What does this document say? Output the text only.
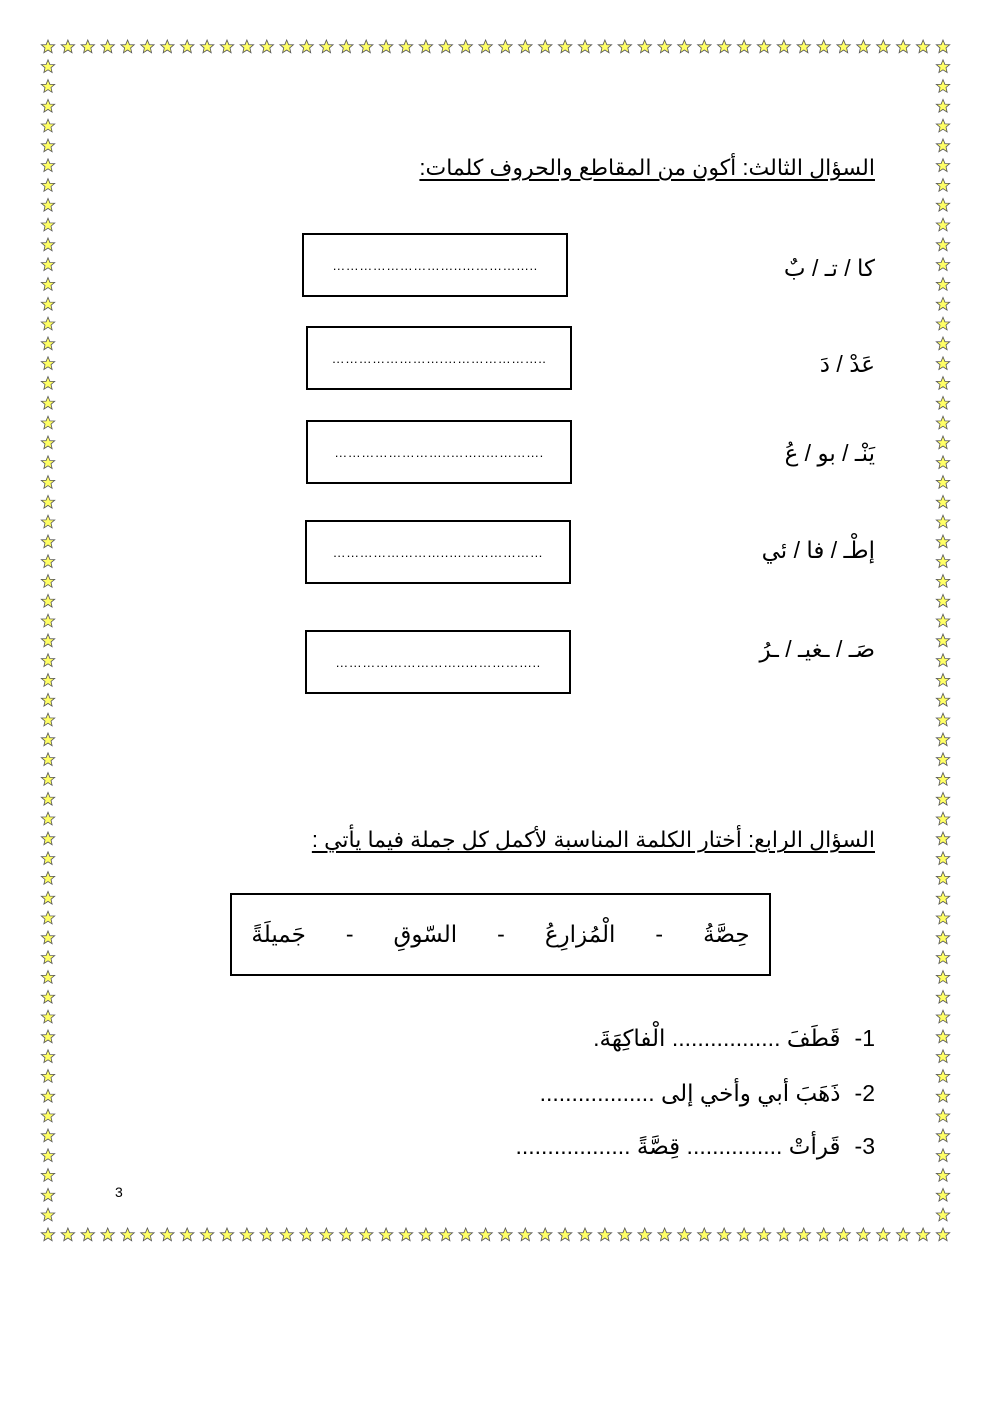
السؤال الثالث: أكون من المقاطع والحروف كلمات:
كا / تـ / بٌ
………………………..……………..
عَدْ / دَ
…………………….…………………..
يَنْـ / بو / عُ
……………………..……..………….
إطْـ / فا / ئي
……………………..…………………
صَـ / ـغيـ / ـرُ
………………………..……………..
السؤال الرابع: أختار الكلمة المناسبة لأكمل كل جملة فيما يأتي :
حِصَّةُ
-
الْمُزارِعُ
-
السّوقِ
-
جَميلَةً
1-قَطَفَ ................. الْفاكِهَةَ.
2-ذَهَبَ أبي وأخي إلى ..................
3-قَرأتْ ............... قِصَّةً ..................
3
